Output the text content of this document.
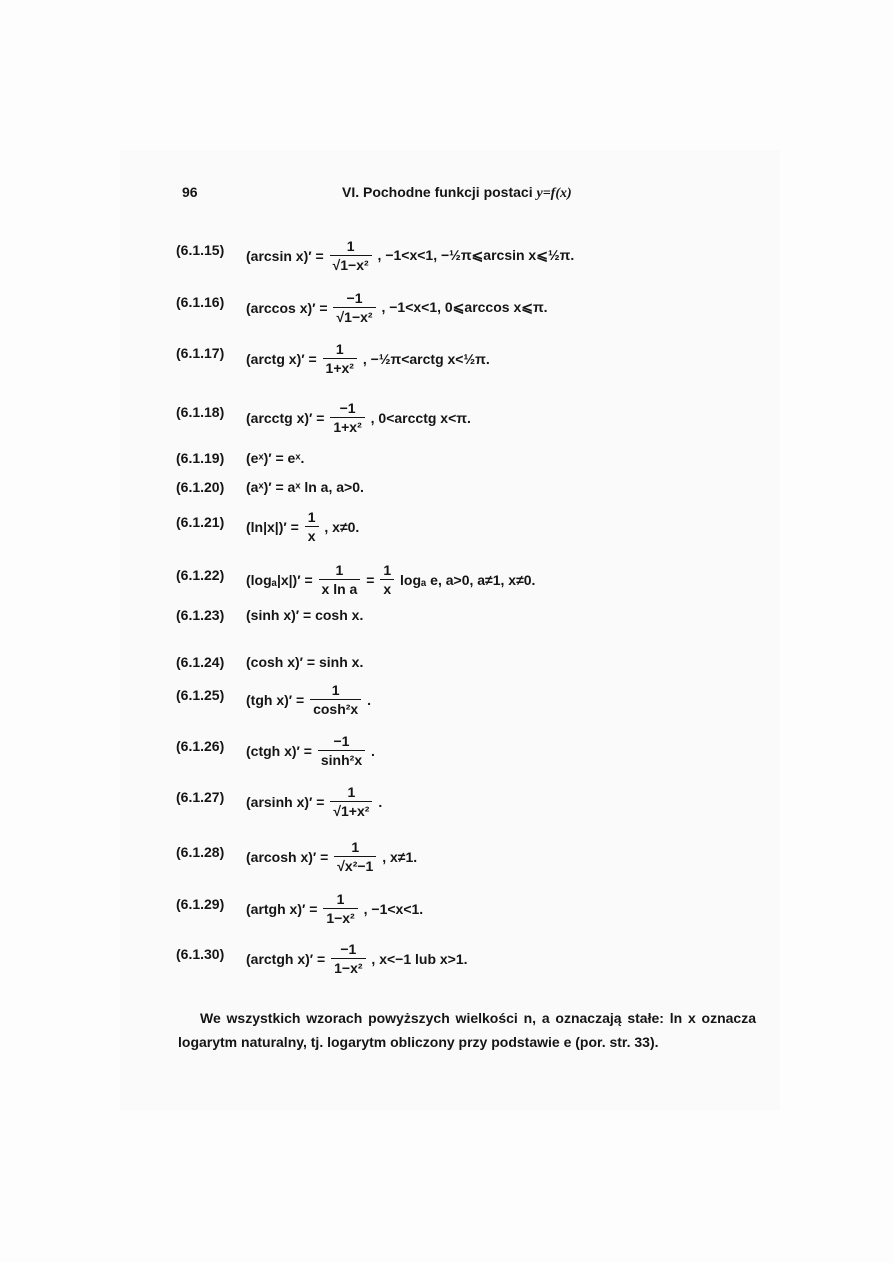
96	VI. Pochodne funkcji postaci y=f(x)
(6.1.15) (arcsin $x)' = \frac{1}{\text{√1−x²}}$ , −1<x<1, −½π⩽arcsin x⩽½π.
(6.1.16) (arccos $x)' = \frac{-1}{\text{√1−x²}}$ , −1<x<1, 0⩽arccos x⩽π.
(6.1.17) (arctg $x)' = \frac{1}{\text{1+x²}}$ , −½π<arctg x<½π.
(6.1.18) (arcctg $x)' = \frac{-1}{\text{1+x²}}$ , 0<arcctg x<π.
(6.1.19) (eˣ)′ = eˣ.
(6.1.20) (aˣ)′ = aˣ ln a, a>0.
(6.1.21) $(\ln|x|)' = \frac{1}{x}$ , x≠0.
(6.1.22) $(\log_a|x|)' = \frac{1}{\text{x ln a}} = \frac{1}{x}$ logₐ e, a>0, a≠1, x≠0.
(6.1.23) (sinh x)′ = cosh x.
(6.1.24) (cosh x)′ = sinh x.
(6.1.25) (tgh $x)' = \frac{1}{\text{cosh²x}}$ .
(6.1.26) (ctgh $x)' = \frac{-1}{\text{sinh²x}}$ .
(6.1.27) (arsinh $x)' = \frac{1}{\text{√1+x²}}$ .
(6.1.28) (arcosh $x)' = \frac{1}{\text{√x²−1}}$ , x≠1.
(6.1.29) (artgh $x)' = \frac{1}{\text{1−x²}}$ , −1<x<1.
(6.1.30) (arctgh $x)' = \frac{-1}{\text{1−x²}}$ , x<−1 lub x>1.

We wszystkich wzorach powyższych wielkości n, a oznaczają stałe: ln x oznacza logarytm naturalny, tj. logarytm obliczony przy podstawie e (por. str. 33).
